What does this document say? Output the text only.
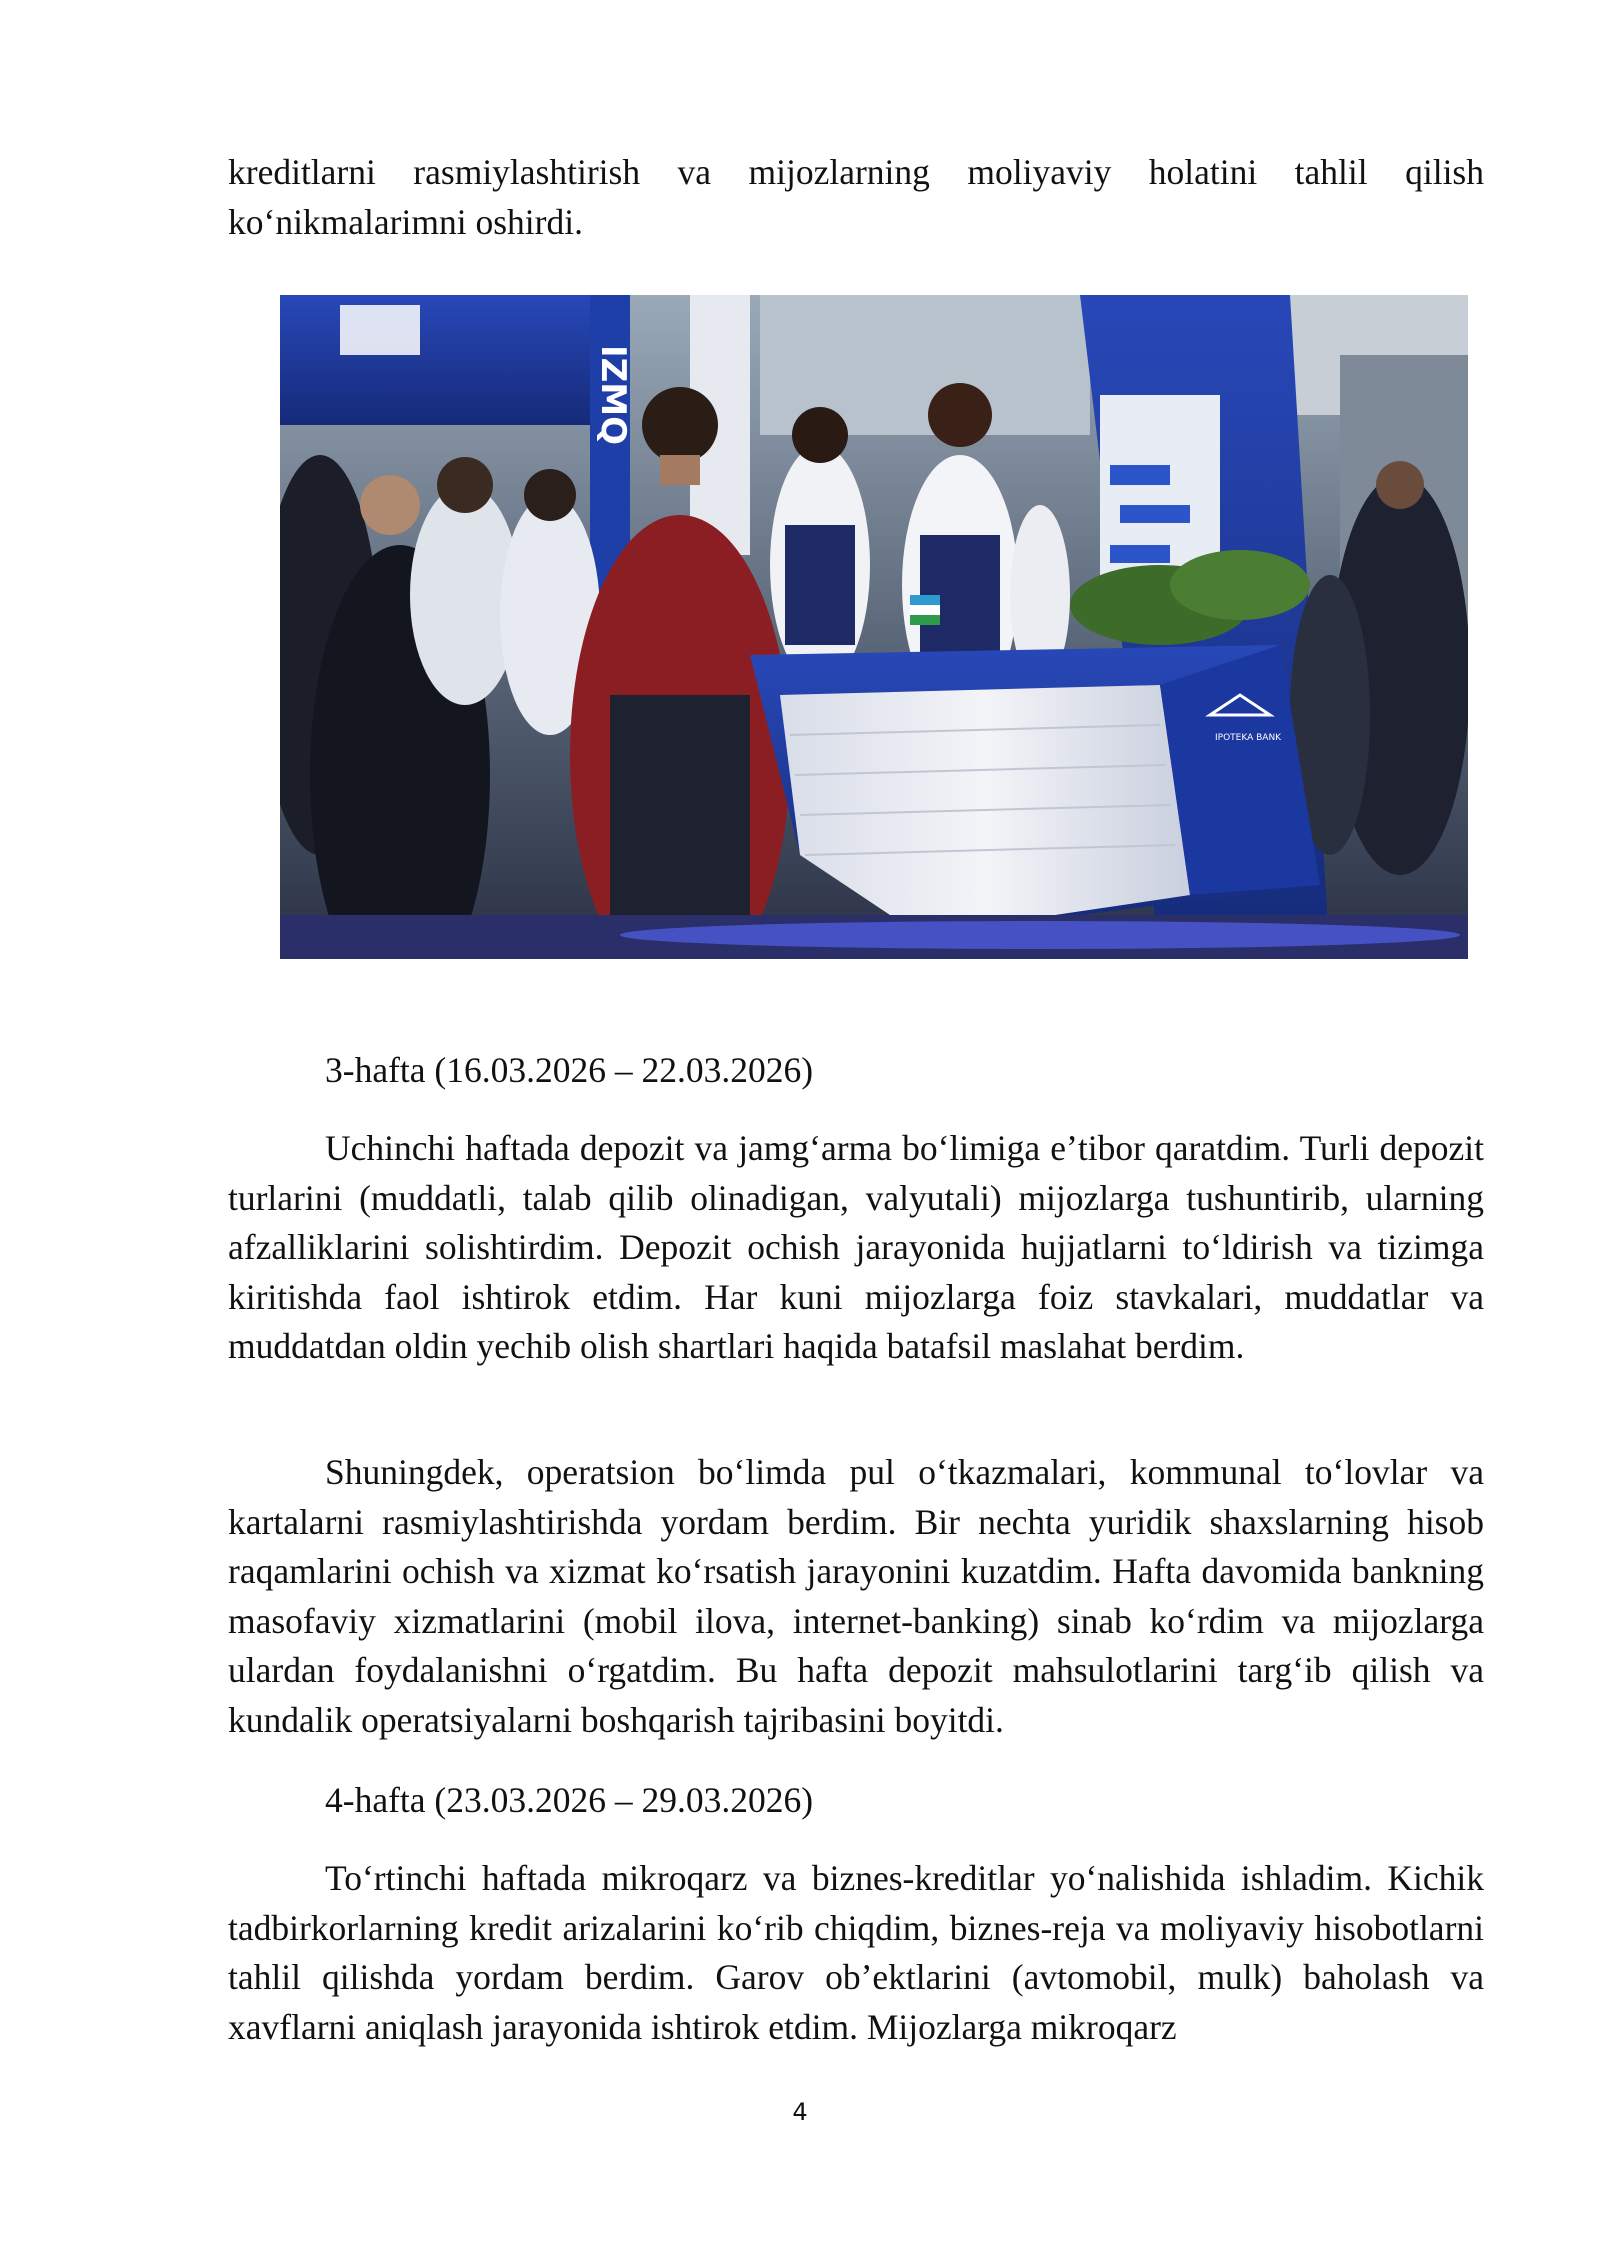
kreditlarni rasmiylashtirish va mijozlarning moliyaviy holatini tahlil qilish koʻnikmalarimni oshirdi.
IZMQ
IPOTEKA BANK
3-hafta (16.03.2026 – 22.03.2026)
Uchinchi haftada depozit va jamgʻarma boʻlimiga eʼtibor qaratdim. Turli depozit turlarini (muddatli, talab qilib olinadigan, valyutali) mijozlarga tushuntirib, ularning afzalliklarini solishtirdim. Depozit ochish jarayonida hujjatlarni toʻldirish va tizimga kiritishda faol ishtirok etdim. Har kuni mijozlarga foiz stavkalari, muddatlar va muddatdan oldin yechib olish shartlari haqida batafsil maslahat berdim.
Shuningdek, operatsion boʻlimda pul oʻtkazmalari, kommunal toʻlovlar va kartalarni rasmiylashtirishda yordam berdim. Bir nechta yuridik shaxslarning hisob raqamlarini ochish va xizmat koʻrsatish jarayonini kuzatdim. Hafta davomida bankning masofaviy xizmatlarini (mobil ilova, internet-banking) sinab koʻrdim va mijozlarga ulardan foydalanishni oʻrgatdim. Bu hafta depozit mahsulotlarini targʻib qilish va kundalik operatsiyalarni boshqarish tajribasini boyitdi.
4-hafta (23.03.2026 – 29.03.2026)
Toʻrtinchi haftada mikroqarz va biznes-kreditlar yoʻnalishida ishladim. Kichik tadbirkorlarning kredit arizalarini koʻrib chiqdim, biznes-reja va moliyaviy hisobotlarni tahlil qilishda yordam berdim. Garov obʼektlarini (avtomobil, mulk) baholash va xavflarni aniqlash jarayonida ishtirok etdim. Mijozlarga mikroqarz
4
